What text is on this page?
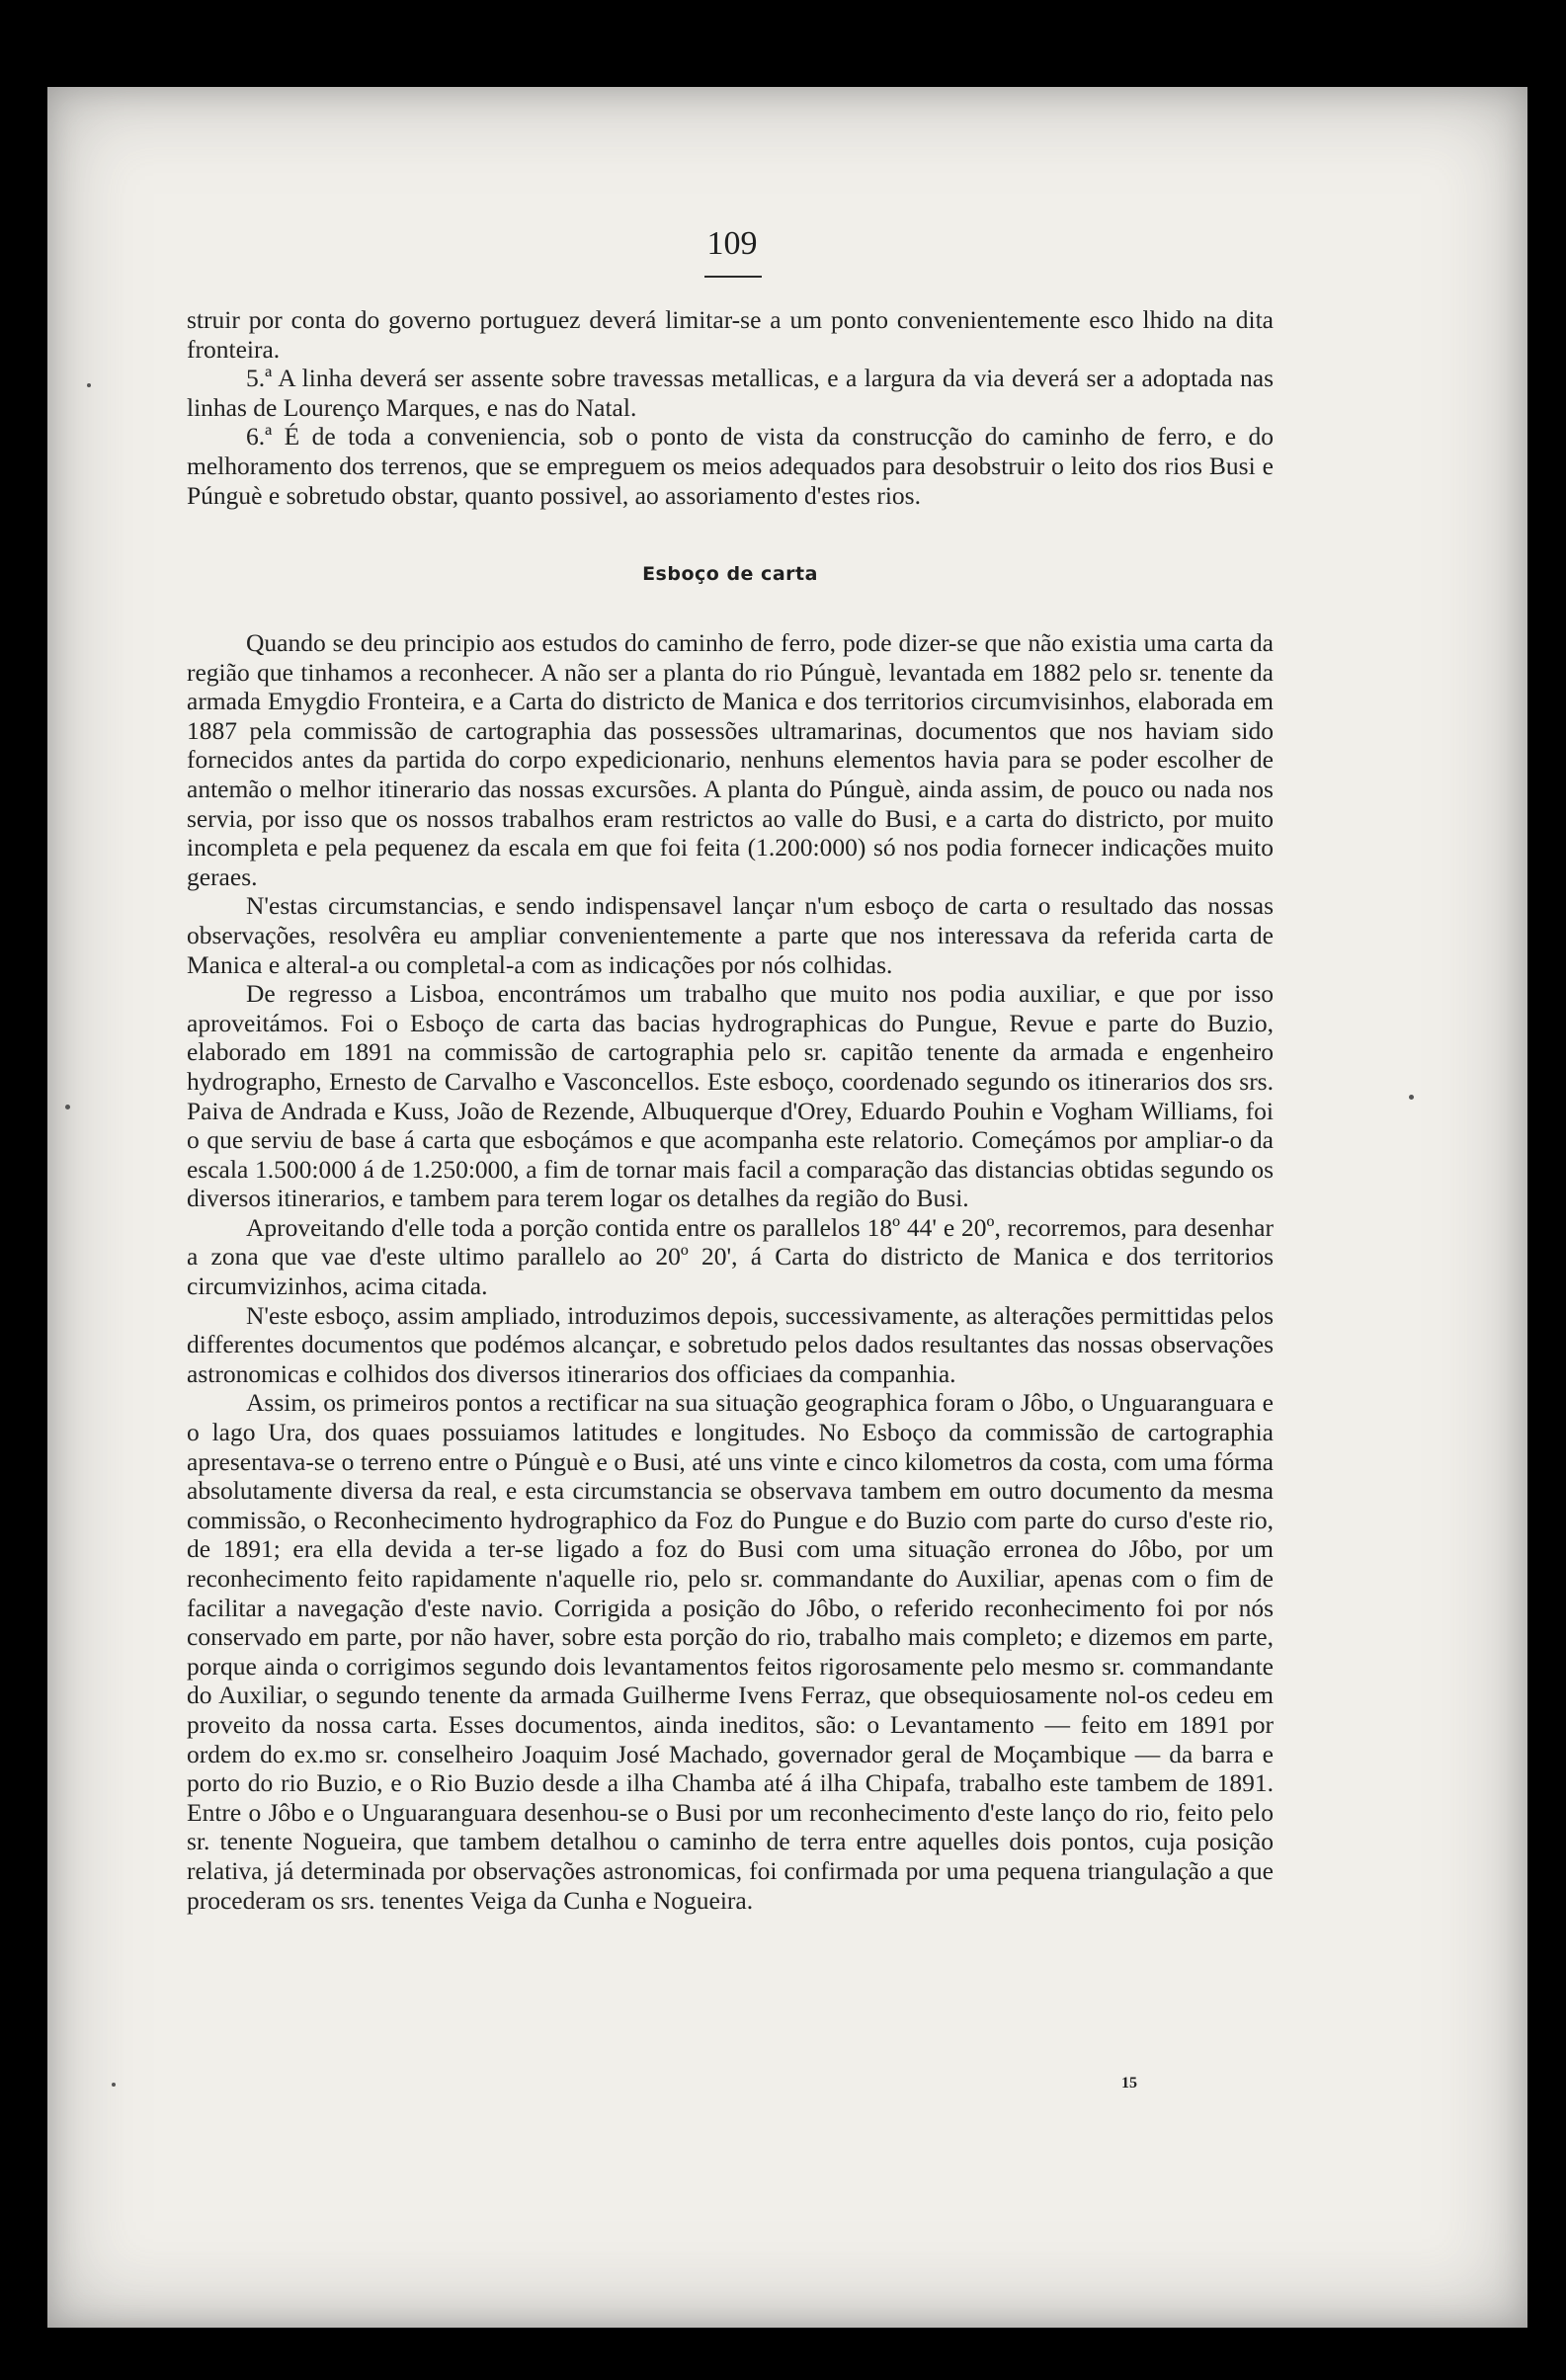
109

struir por conta do governo portuguez deverá limitar-se a um ponto convenientemente esco lhido na dita fronteira.

5.ª A linha deverá ser assente sobre travessas metallicas, e a largura da via deverá ser a adoptada nas linhas de Lourenço Marques, e nas do Natal.

6.ª É de toda a conveniencia, sob o ponto de vista da construcção do caminho de ferro, e do melhoramento dos terrenos, que se empreguem os meios adequados para desobstruir o leito dos rios Busi e Púnguè e sobretudo obstar, quanto possivel, ao assoriamento d'estes rios.

Esboço de carta

Quando se deu principio aos estudos do caminho de ferro, pode dizer-se que não existia uma carta da região que tinhamos a reconhecer. A não ser a planta do rio Púnguè, levantada em 1882 pelo sr. tenente da armada Emygdio Fronteira, e a Carta do districto de Manica e dos territorios circumvisinhos, elaborada em 1887 pela commissão de cartographia das possessões ultramarinas, documentos que nos haviam sido fornecidos antes da partida do corpo expedicionario, nenhuns elementos havia para se poder escolher de antemão o melhor itinerario das nossas excursões. A planta do Púnguè, ainda assim, de pouco ou nada nos servia, por isso que os nossos trabalhos eram restrictos ao valle do Busi, e a carta do districto, por muito incompleta e pela pequenez da escala em que foi feita (1.200:000) só nos podia fornecer indicações muito geraes.

N'estas circumstancias, e sendo indispensavel lançar n'um esboço de carta o resultado das nossas observações, resolvêra eu ampliar convenientemente a parte que nos interessava da referida carta de Manica e alteral-a ou completal-a com as indicações por nós colhidas.

De regresso a Lisboa, encontrámos um trabalho que muito nos podia auxiliar, e que por isso aproveitámos. Foi o Esboço de carta das bacias hydrographicas do Pungue, Revue e parte do Buzio, elaborado em 1891 na commissão de cartographia pelo sr. capitão tenente da armada e engenheiro hydrographo, Ernesto de Carvalho e Vasconcellos. Este esboço, coordenado segundo os itinerarios dos srs. Paiva de Andrada e Kuss, João de Rezende, Albuquerque d'Orey, Eduardo Pouhin e Vogham Williams, foi o que serviu de base á carta que esboçámos e que acompanha este relatorio. Começámos por ampliar-o da escala 1.500:000 á de 1.250:000, a fim de tornar mais facil a comparação das distancias obtidas segundo os diversos itinerarios, e tambem para terem logar os detalhes da região do Busi.

Aproveitando d'elle toda a porção contida entre os parallelos 18º 44' e 20º, recorremos, para desenhar a zona que vae d'este ultimo parallelo ao 20º 20', á Carta do districto de Manica e dos territorios circumvizinhos, acima citada.

N'este esboço, assim ampliado, introduzimos depois, successivamente, as alterações permittidas pelos differentes documentos que podémos alcançar, e sobretudo pelos dados resultantes das nossas observações astronomicas e colhidos dos diversos itinerarios dos officiaes da companhia.

Assim, os primeiros pontos a rectificar na sua situação geographica foram o Jôbo, o Unguaranguara e o lago Ura, dos quaes possuiamos latitudes e longitudes. No Esboço da commissão de cartographia apresentava-se o terreno entre o Púnguè e o Busi, até uns vinte e cinco kilometros da costa, com uma fórma absolutamente diversa da real, e esta circumstancia se observava tambem em outro documento da mesma commissão, o Reconhecimento hydrographico da Foz do Pungue e do Buzio com parte do curso d'este rio, de 1891; era ella devida a ter-se ligado a foz do Busi com uma situação erronea do Jôbo, por um reconhecimento feito rapidamente n'aquelle rio, pelo sr. commandante do Auxiliar, apenas com o fim de facilitar a navegação d'este navio. Corrigida a posição do Jôbo, o referido reconhecimento foi por nós conservado em parte, por não haver, sobre esta porção do rio, trabalho mais completo; e dizemos em parte, porque ainda o corrigimos segundo dois levantamentos feitos rigorosamente pelo mesmo sr. commandante do Auxiliar, o segundo tenente da armada Guilherme Ivens Ferraz, que obsequiosamente nol-os cedeu em proveito da nossa carta. Esses documentos, ainda ineditos, são: o Levantamento — feito em 1891 por ordem do ex.mo sr. conselheiro Joaquim José Machado, governador geral de Moçambique — da barra e porto do rio Buzio, e o Rio Buzio desde a ilha Chamba até á ilha Chipafa, trabalho este tambem de 1891. Entre o Jôbo e o Unguaranguara desenhou-se o Busi por um reconhecimento d'este lanço do rio, feito pelo sr. tenente Nogueira, que tambem detalhou o caminho de terra entre aquelles dois pontos, cuja posição relativa, já determinada por observações astronomicas, foi confirmada por uma pequena triangulação a que procederam os srs. tenentes Veiga da Cunha e Nogueira.

15
